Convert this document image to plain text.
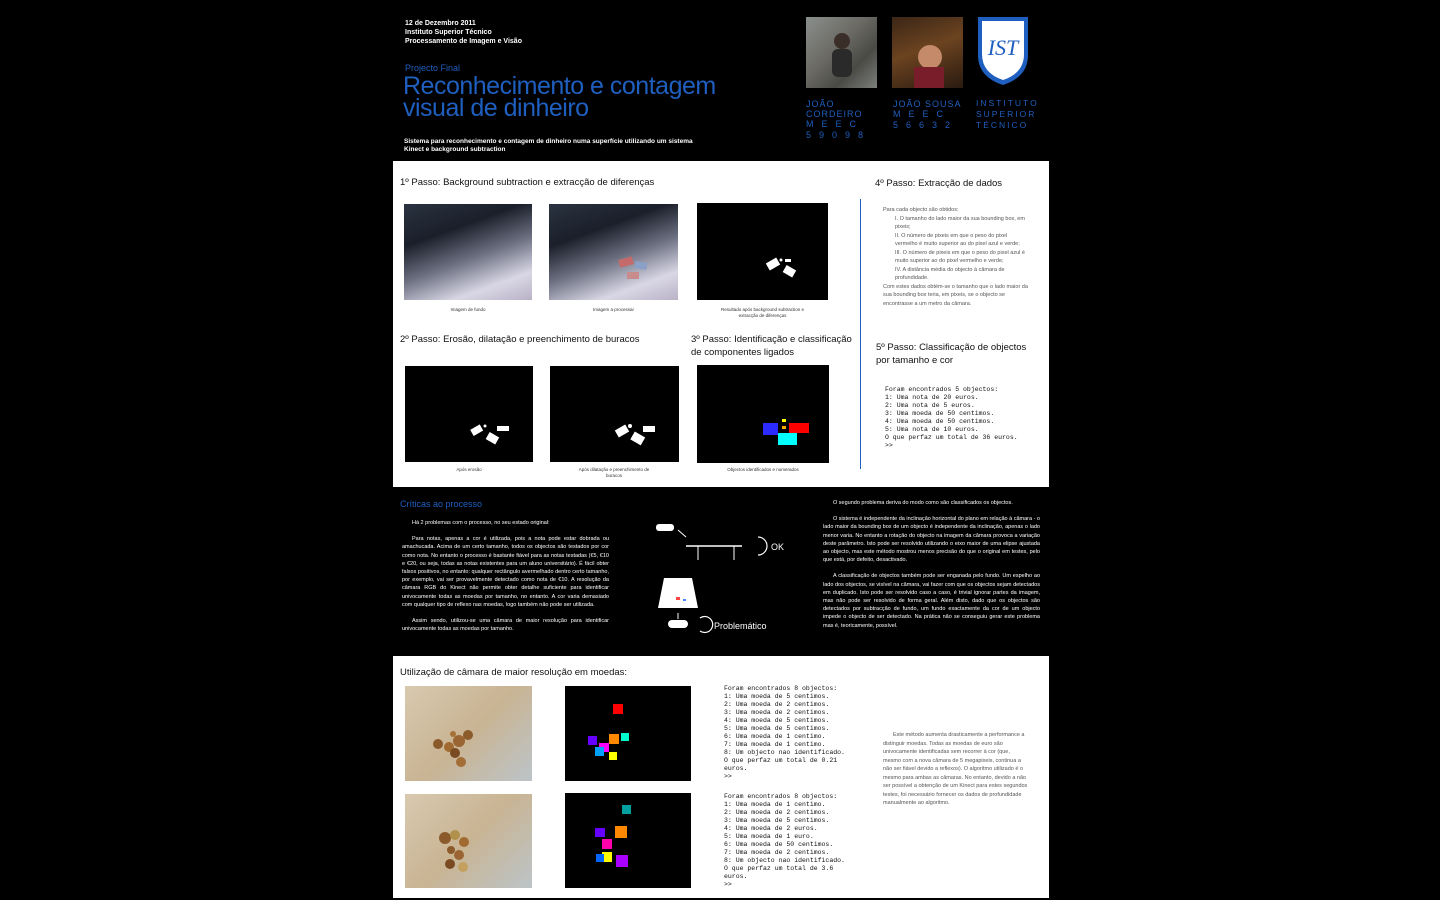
12 de Dezembro 2011
Instituto Superior Técnico
Processamento de Imagem e Visão
Projecto Final
Reconhecimento e contagem
visual de dinheiro
Sistema para reconhecimento e contagem de dinheiro numa superfície utilizando um sistema Kinect e background subtraction
IST
JOÃO CORDEIRO
MEEC
59098
JOÃO SOUSA
MEEC
56632
INSTITUTO
SUPERIOR
TÉCNICO
1º Passo: Background subtraction e extracção de diferenças
Imagem de fundo	Imagem a processar	Resultado após background subtraction e extracção de diferenças
2º Passo: Erosão, dilatação e preenchimento de buracos
Após erosão	Após dilatação e preenchimento de buracos
3º Passo: Identificação e classificação de componentes ligados
Objectos identificados e numerados
4º Passo: Extracção de dados
Para cada objecto são obtidos:
I. O tamanho do lado maior da sua bounding box, em pixeis;
II. O número de pixeis em que o peso do pixel vermelho é muito superior ao do pixel azul e verde;
III. O número de pixeis em que o peso do pixel azul é muito superior ao do pixel vermelho e verde;
IV. A distância média do objecto à câmara de profundidade.
Com estes dados obtém-se o tamanho que o lado maior da sua bounding box teria, em pixeis, se o objecto se encontrasse a um metro da câmara.
5º Passo: Classificação de objectos por tamanho e cor
Foram encontrados 5 objectos:
1: Uma nota de 20 euros.
2: Uma nota de 5 euros.
3: Uma moeda de 50 centimos.
4: Uma moeda de 50 centimos.
5: Uma nota de 10 euros.
O que perfaz um total de 36 euros.
>>
Críticas ao processo
Há 2 problemas com o processo, no seu estado original:
Para notas, apenas a cor é utilizada, pois a nota pode estar dobrada ou amachucada. Acima de um certo tamanho, todos os objectos são testados por cor como nota. No entanto o processo é bastante fiável para as notas testadas (€5, €10 e €20, ou seja, todas as notas existentes para um aluno universitário). É fácil obter falsos positivos, no entanto: qualquer rectângulo avermelhado dentro certo tamanho, por exemplo, vai ser provavelmente detectado como nota de €10. A resolução da câmara RGB do Kinect não permite obter detalhe suficiente para identificar univocamente todas as moedas por tamanho, no entanto. A cor varia demasiado com qualquer tipo de reflexo nas moedas, logo também não pode ser utilizada.
Assim sendo, utilizou-se uma câmara de maior resolução para identificar univocamente todas as moedas por tamanho.
OK
Problemático
O segundo problema deriva do modo como são classificados os objectos.
O sistema é independente da inclinação horizontal do plano em relação à câmara - o lado maior da bounding box de um objecto é independente da inclinação, apenas o lado menor varia. No entanto a rotação do objecto na imagem da câmara provoca a variação deste parâmetro. Isto pode ser resolvido utilizando o eixo maior de uma elipse ajustada ao objecto, mas este método mostrou menos precisão do que o original em testes, pelo que está, por defeito, desactivado.
A classificação de objectos também pode ser enganada pelo fundo. Um espelho ao lado dos objectos, se visível na câmara, vai fazer com que os objectos sejam detectados em duplicado. Isto pode ser resolvido caso a caso, é trivial ignorar partes da imagem, mas não pode ser resolvido de forma geral. Além disto, dado que os objectos são detectados por subtracção de fundo, um fundo exactamente da cor de um objecto impede o objecto de ser detectado. Na prática não se conseguiu gerar este problema mas é, teoricamente, possível.
Utilização de câmara de maior resolução em moedas:
Foram encontrados 8 objectos:
1: Uma moeda de 5 centimos.
2: Uma moeda de 2 centimos.
3: Uma moeda de 2 centimos.
4: Uma moeda de 5 centimos.
5: Uma moeda de 5 centimos.
6: Uma moeda de 1 centimo.
7: Uma moeda de 1 centimo.
8: Um objecto nao identificado.
O que perfaz um total de 0.21
euros.
>>
Foram encontrados 8 objectos:
1: Uma moeda de 1 centimo.
2: Uma moeda de 2 centimos.
3: Uma moeda de 5 centimos.
4: Uma moeda de 2 euros.
5: Uma moeda de 1 euro.
6: Uma moeda de 50 centimos.
7: Uma moeda de 2 centimos.
8: Um objecto nao identificado.
O que perfaz um total de 3.6
euros.
>>
Este método aumenta drasticamente a performance a distinguir moedas. Todas as moedas de euro são univocamente identificadas sem recorrer à cor (que, mesmo com a nova câmara de 5 megapixeis, continua a não ser fiável devido a reflexos). O algoritmo utilizado é o mesmo para ambas as câmaras. No entanto, devido a não ser possível a obtenção de um Kinect para estes segundos testes, foi necessário fornecer os dados de profundidade manualmente ao algoritmo.
